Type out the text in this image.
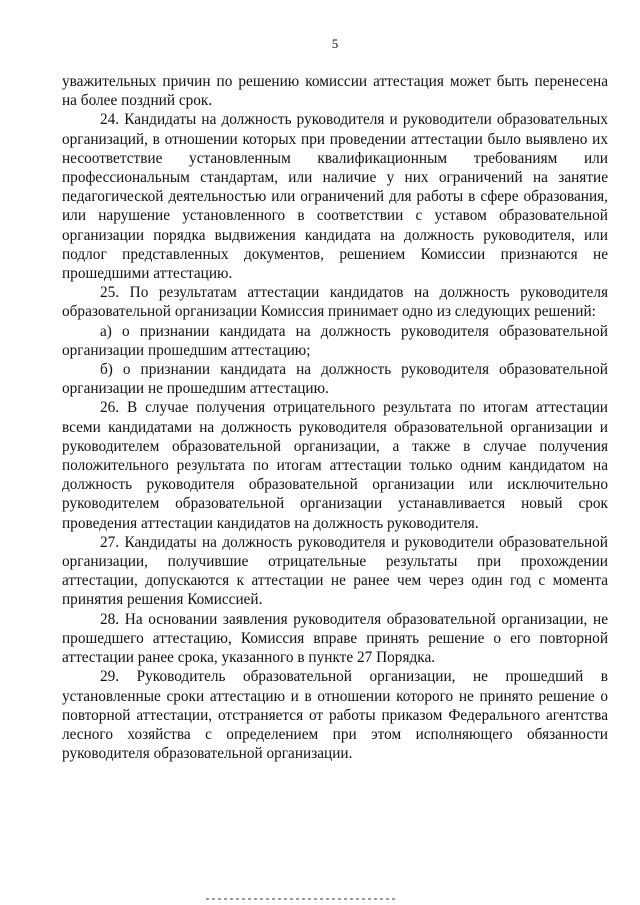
5

уважительных причин по решению комиссии аттестация может быть перенесена на более поздний срок.

24. Кандидаты на должность руководителя и руководители образовательных организаций, в отношении которых при проведении аттестации было выявлено их несоответствие установленным квалификационным требованиям или профессиональным стандартам, или наличие у них ограничений на занятие педагогической деятельностью или ограничений для работы в сфере образования, или нарушение установленного в соответствии с уставом образовательной организации порядка выдвижения кандидата на должность руководителя, или подлог представленных документов, решением Комиссии признаются не прошедшими аттестацию.

25. По результатам аттестации кандидатов на должность руководителя образовательной организации Комиссия принимает одно из следующих решений:

а) о признании кандидата на должность руководителя образовательной организации прошедшим аттестацию;

б) о признании кандидата на должность руководителя образовательной организации не прошедшим аттестацию.

26. В случае получения отрицательного результата по итогам аттестации всеми кандидатами на должность руководителя образовательной организации и руководителем образовательной организации, а также в случае получения положительного результата по итогам аттестации только одним кандидатом на должность руководителя образовательной организации или исключительно руководителем образовательной организации устанавливается новый срок проведения аттестации кандидатов на должность руководителя.

27. Кандидаты на должность руководителя и руководители образовательной организации, получившие отрицательные результаты при прохождении аттестации, допускаются к аттестации не ранее чем через один год с момента принятия решения Комиссией.

28. На основании заявления руководителя образовательной организации, не прошедшего аттестацию, Комиссия вправе принять решение о его повторной аттестации ранее срока, указанного в пункте 27 Порядка.

29. Руководитель образовательной организации, не прошедший в установленные сроки аттестацию и в отношении которого не принято решение о повторной аттестации, отстраняется от работы приказом Федерального агентства лесного хозяйства с определением при этом исполняющего обязанности руководителя образовательной организации.
